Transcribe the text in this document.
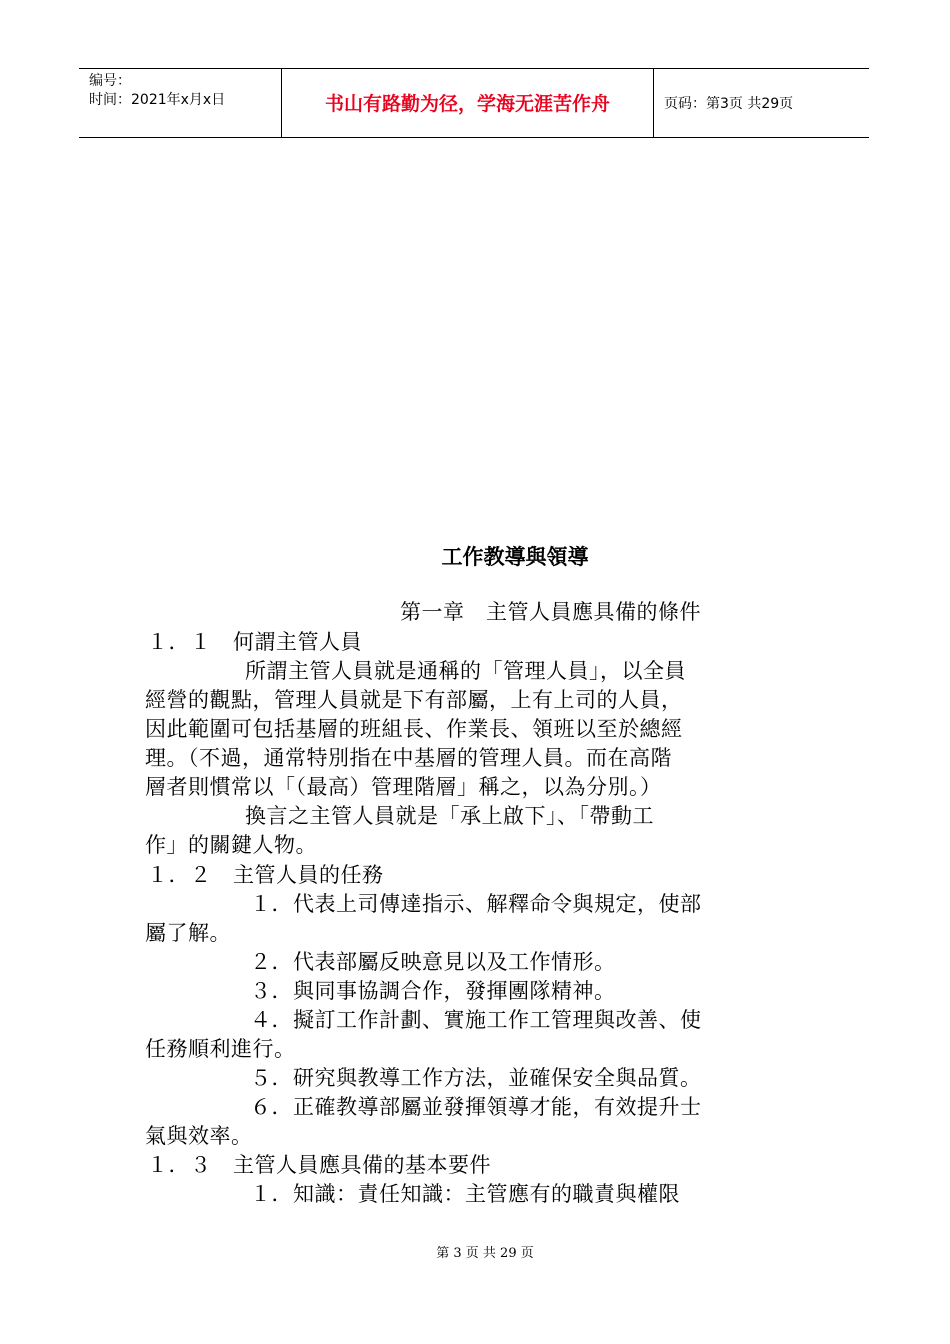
编号：
时间：2021年x月x日	书山有路勤为径，学海无涯苦作舟	页码：第3页 共29页
工作教導與領導
第一章　主管人員應具備的條件
１．１　何謂主管人員
所謂主管人員就是通稱的「管理人員」，以全員
經營的觀點，管理人員就是下有部屬，上有上司的人員，
因此範圍可包括基層的班組長、作業長、領班以至於總經
理。（不過，通常特別指在中基層的管理人員。而在高階
層者則慣常以「（最高）管理階層」稱之，以為分別。）
換言之主管人員就是「承上啟下」、「帶動工
作」的關鍵人物。
１．２　主管人員的任務
１．代表上司傳達指示、解釋命令與規定，使部
屬了解。
２．代表部屬反映意見以及工作情形。
３．與同事協調合作，發揮團隊精神。
４．擬訂工作計劃、實施工作工管理與改善、使
任務順利進行。
５．研究與教導工作方法，並確保安全與品質。
６．正確教導部屬並發揮領導才能，有效提升士
氣與效率。
１．３　主管人員應具備的基本要件
１．知識：責任知識：主管應有的職責與權限
第 3 页 共 29 页
